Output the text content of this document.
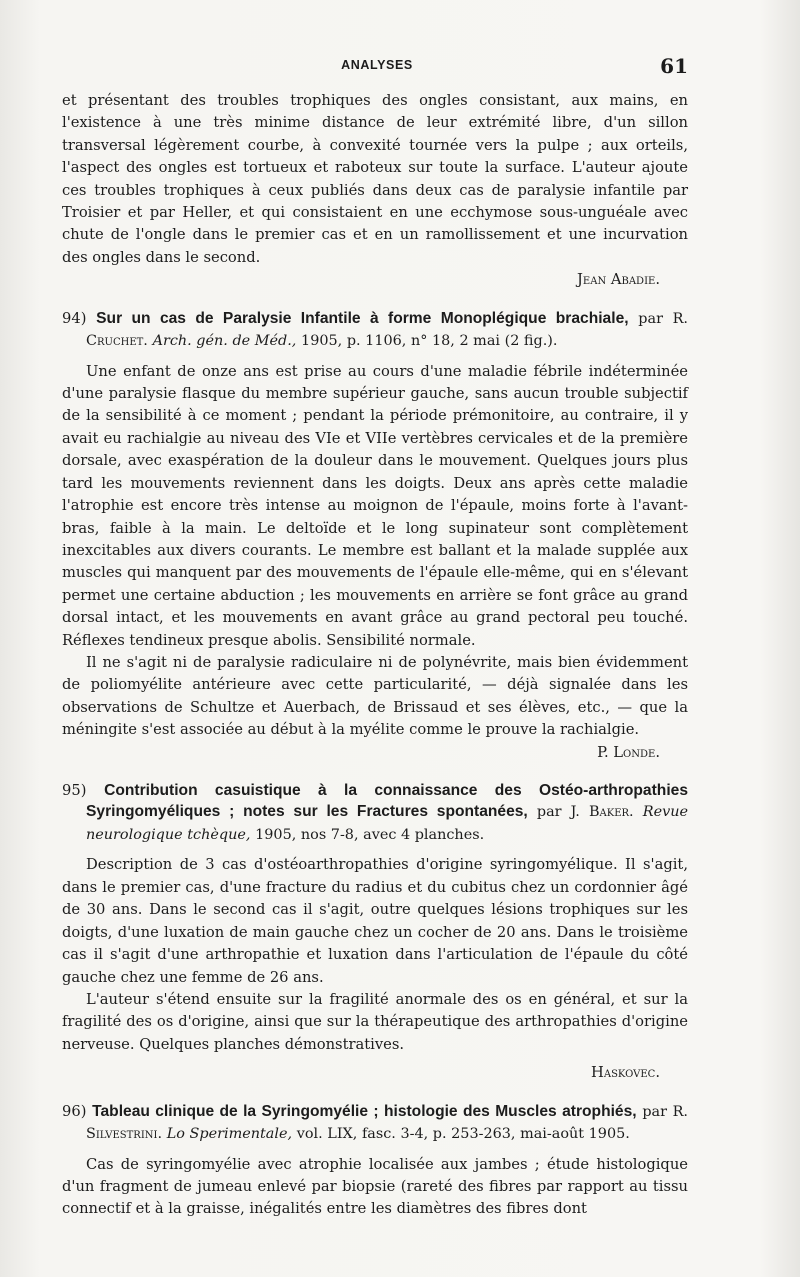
ANALYSES	61

et présentant des troubles trophiques des ongles consistant, aux mains, en l'existence à une très minime distance de leur extrémité libre, d'un sillon transversal légèrement courbe, à convexité tournée vers la pulpe ; aux orteils, l'aspect des ongles est tortueux et raboteux sur toute la surface. L'auteur ajoute ces troubles trophiques à ceux publiés dans deux cas de paralysie infantile par Troisier et par Heller, et qui consistaient en une ecchymose sous-unguéale avec chute de l'ongle dans le premier cas et en un ramollissement et une incurvation des ongles dans le second.

Jean Abadie.

94) Sur un cas de Paralysie Infantile à forme Monoplégique brachiale, par R. Cruchet. Arch. gén. de Méd., 1905, p. 1106, n° 18, 2 mai (2 fig.).

Une enfant de onze ans est prise au cours d'une maladie fébrile indéterminée d'une paralysie flasque du membre supérieur gauche, sans aucun trouble subjectif de la sensibilité à ce moment ; pendant la période prémonitoire, au contraire, il y avait eu rachialgie au niveau des VIe et VIIe vertèbres cervicales et de la première dorsale, avec exaspération de la douleur dans le mouvement. Quelques jours plus tard les mouvements reviennent dans les doigts. Deux ans après cette maladie l'atrophie est encore très intense au moignon de l'épaule, moins forte à l'avant-bras, faible à la main. Le deltoïde et le long supinateur sont complètement inexcitables aux divers courants. Le membre est ballant et la malade supplée aux muscles qui manquent par des mouvements de l'épaule elle-même, qui en s'élevant permet une certaine abduction ; les mouvements en arrière se font grâce au grand dorsal intact, et les mouvements en avant grâce au grand pectoral peu touché. Réflexes tendineux presque abolis. Sensibilité normale.

Il ne s'agit ni de paralysie radiculaire ni de polynévrite, mais bien évidemment de poliomyélite antérieure avec cette particularité, — déjà signalée dans les observations de Schultze et Auerbach, de Brissaud et ses élèves, etc., — que la méningite s'est associée au début à la myélite comme le prouve la rachialgie.

P. Londe.

95) Contribution casuistique à la connaissance des Ostéo-arthropathies Syringomyéliques ; notes sur les Fractures spontanées, par J. Baker. Revue neurologique tchèque, 1905, nos 7-8, avec 4 planches.

Description de 3 cas d'ostéoarthropathies d'origine syringomyélique. Il s'agit, dans le premier cas, d'une fracture du radius et du cubitus chez un cordonnier âgé de 30 ans. Dans le second cas il s'agit, outre quelques lésions trophiques sur les doigts, d'une luxation de main gauche chez un cocher de 20 ans. Dans le troisième cas il s'agit d'une arthropathie et luxation dans l'articulation de l'épaule du côté gauche chez une femme de 26 ans.

L'auteur s'étend ensuite sur la fragilité anormale des os en général, et sur la fragilité des os d'origine, ainsi que sur la thérapeutique des arthropathies d'origine nerveuse. Quelques planches démonstratives.

Haskovec.

96) Tableau clinique de la Syringomyélie ; histologie des Muscles atrophiés, par R. Silvestrini. Lo Sperimentale, vol. LIX, fasc. 3-4, p. 253-263, mai-août 1905.

Cas de syringomyélie avec atrophie localisée aux jambes ; étude histologique d'un fragment de jumeau enlevé par biopsie (rareté des fibres par rapport au tissu connectif et à la graisse, inégalités entre les diamètres des fibres dont
